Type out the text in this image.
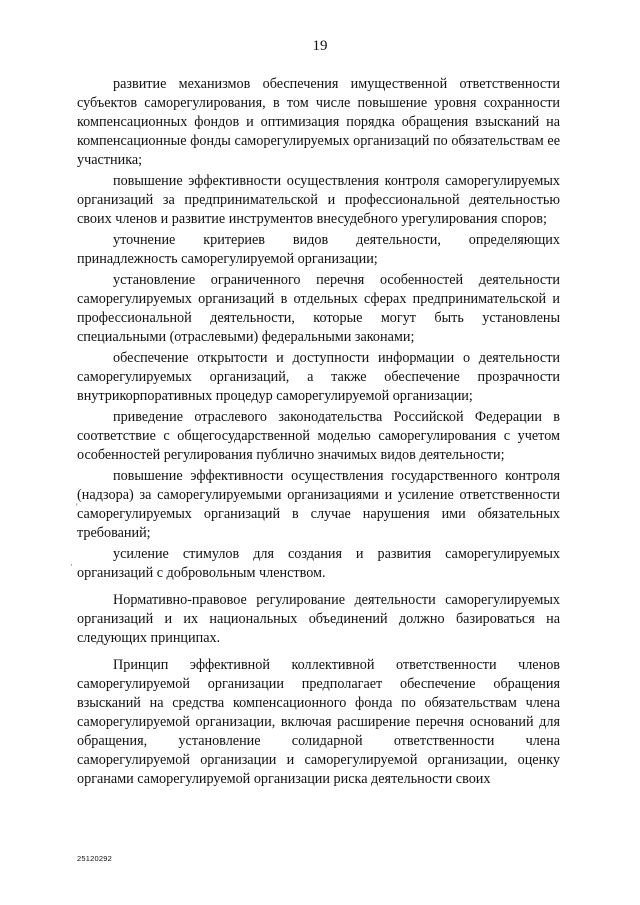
19

развитие механизмов обеспечения имущественной ответственности субъектов саморегулирования, в том числе повышение уровня сохранности компенсационных фондов и оптимизация порядка обращения взысканий на компенсационные фонды саморегулируемых организаций по обязательствам ее участника;

повышение эффективности осуществления контроля саморегулируемых организаций за предпринимательской и профессиональной деятельностью своих членов и развитие инструментов внесудебного урегулирования споров;

уточнение критериев видов деятельности, определяющих принадлежность саморегулируемой организации;

установление ограниченного перечня особенностей деятельности саморегулируемых организаций в отдельных сферах предпринимательской и профессиональной деятельности, которые могут быть установлены специальными (отраслевыми) федеральными законами;

обеспечение открытости и доступности информации о деятельности саморегулируемых организаций, а также обеспечение прозрачности внутрикорпоративных процедур саморегулируемой организации;

приведение отраслевого законодательства Российской Федерации в соответствие с общегосударственной моделью саморегулирования с учетом особенностей регулирования публично значимых видов деятельности;

повышение эффективности осуществления государственного контроля (надзора) за саморегулируемыми организациями и усиление ответственности саморегулируемых организаций в случае нарушения ими обязательных требований;

усиление стимулов для создания и развития саморегулируемых организаций с добровольным членством.

Нормативно-правовое регулирование деятельности саморегулируемых организаций и их национальных объединений должно базироваться на следующих принципах.

Принцип эффективной коллективной ответственности членов саморегулируемой организации предполагает обеспечение обращения взысканий на средства компенсационного фонда по обязательствам члена саморегулируемой организации, включая расширение перечня оснований для обращения, установление солидарной ответственности члена саморегулируемой организации и саморегулируемой организации, оценку органами саморегулируемой организации риска деятельности своих

'
·
25120292
